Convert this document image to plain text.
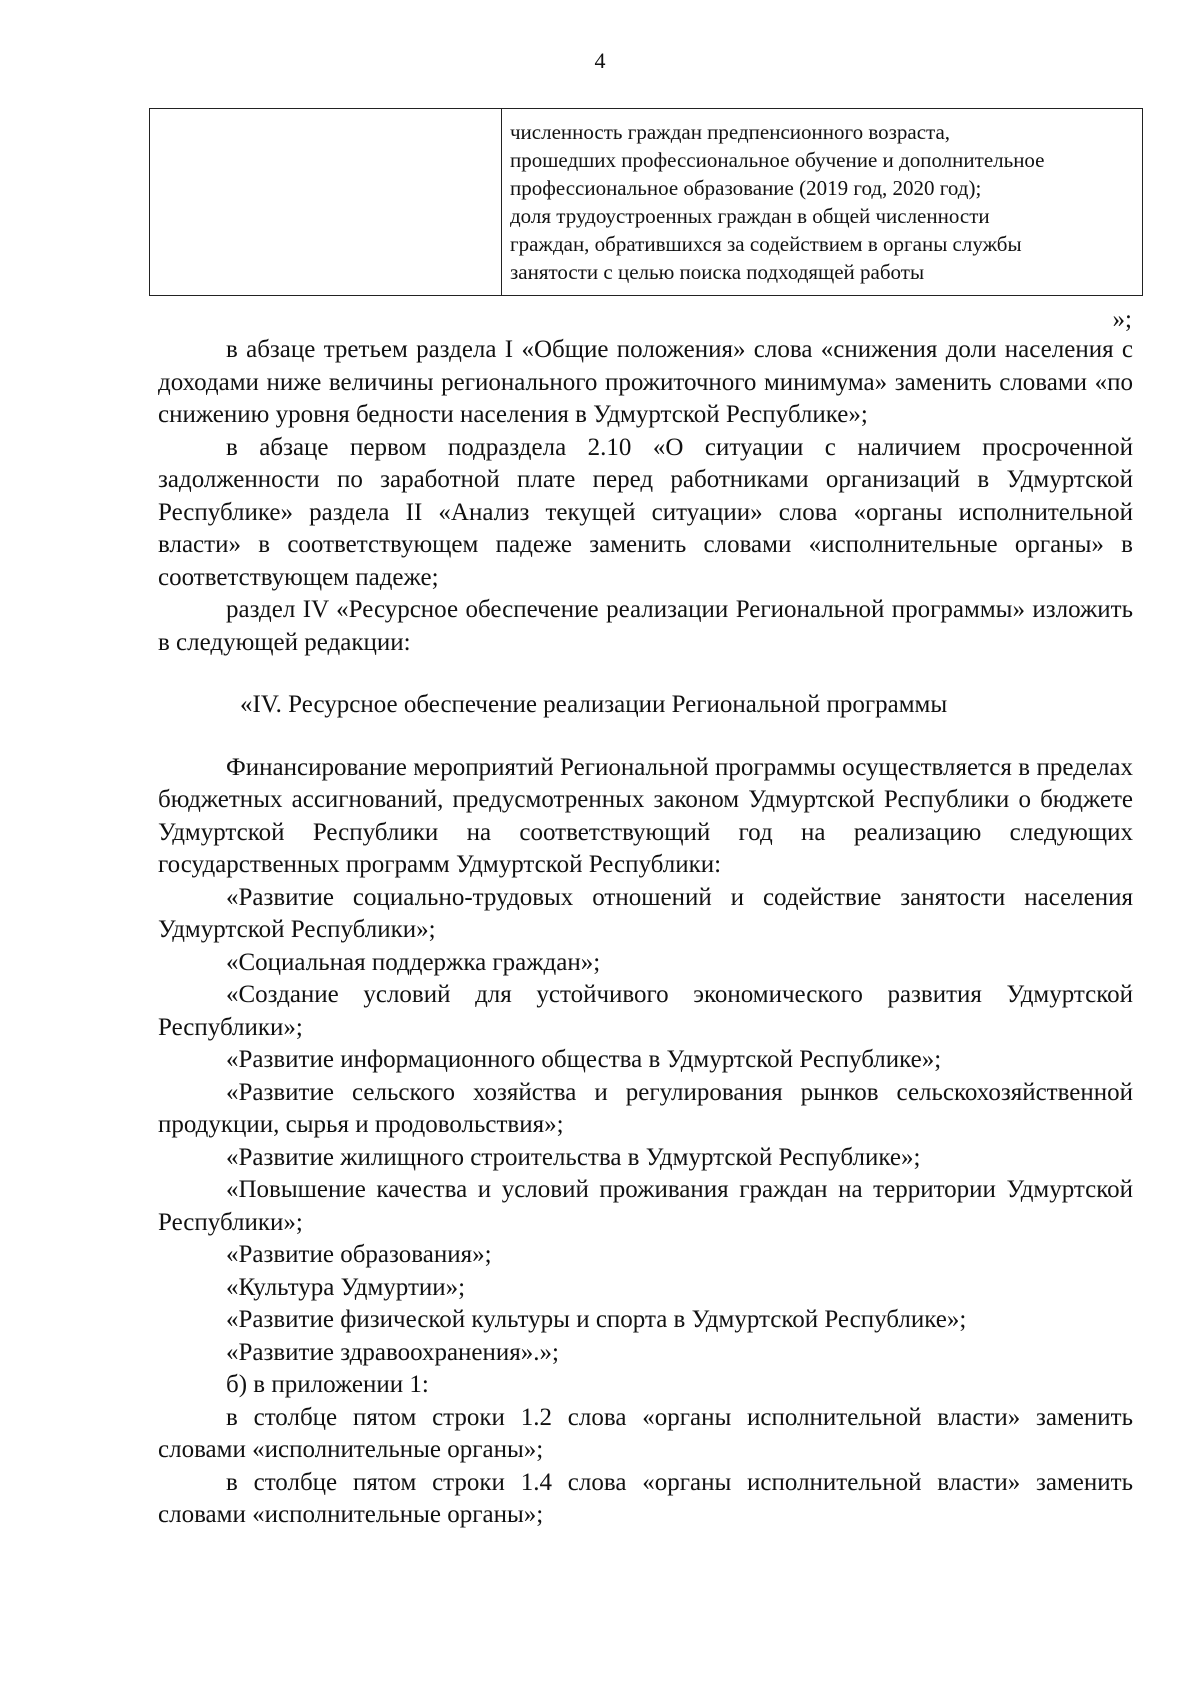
4
численность граждан предпенсионного возраста,
прошедших профессиональное обучение и дополнительное
профессиональное образование (2019 год, 2020 год);
доля трудоустроенных граждан в общей численности
граждан, обратившихся за содействием в органы службы
занятости с целью поиска подходящей работы
»;

в абзаце третьем раздела I «Общие положения» слова «снижения доли населения с доходами ниже величины регионального прожиточного минимума» заменить словами «по снижению уровня бедности населения в Удмуртской Республике»;

в абзаце первом подраздела 2.10 «О ситуации с наличием просроченной задолженности по заработной плате перед работниками организаций в Удмуртской Республике» раздела II «Анализ текущей ситуации» слова «органы исполнительной власти» в соответствующем падеже заменить словами «исполнительные органы» в соответствующем падеже;

раздел IV «Ресурсное обеспечение реализации Региональной программы» изложить в следующей редакции:

«IV. Ресурсное обеспечение реализации Региональной программы

Финансирование мероприятий Региональной программы осуществляется в пределах бюджетных ассигнований, предусмотренных законом Удмуртской Республики о бюджете Удмуртской Республики на соответствующий год на реализацию следующих государственных программ Удмуртской Республики:

«Развитие социально-трудовых отношений и содействие занятости населения Удмуртской Республики»;

«Социальная поддержка граждан»;

«Создание условий для устойчивого экономического развития Удмуртской Республики»;

«Развитие информационного общества в Удмуртской Республике»;

«Развитие сельского хозяйства и регулирования рынков сельскохозяйственной продукции, сырья и продовольствия»;

«Развитие жилищного строительства в Удмуртской Республике»;

«Повышение качества и условий проживания граждан на территории Удмуртской Республики»;

«Развитие образования»;

«Культура Удмуртии»;

«Развитие физической культуры и спорта в Удмуртской Республике»;

«Развитие здравоохранения».»;

б) в приложении 1:

в столбце пятом строки 1.2 слова «органы исполнительной власти» заменить словами «исполнительные органы»;

в столбце пятом строки 1.4 слова «органы исполнительной власти» заменить словами «исполнительные органы»;
